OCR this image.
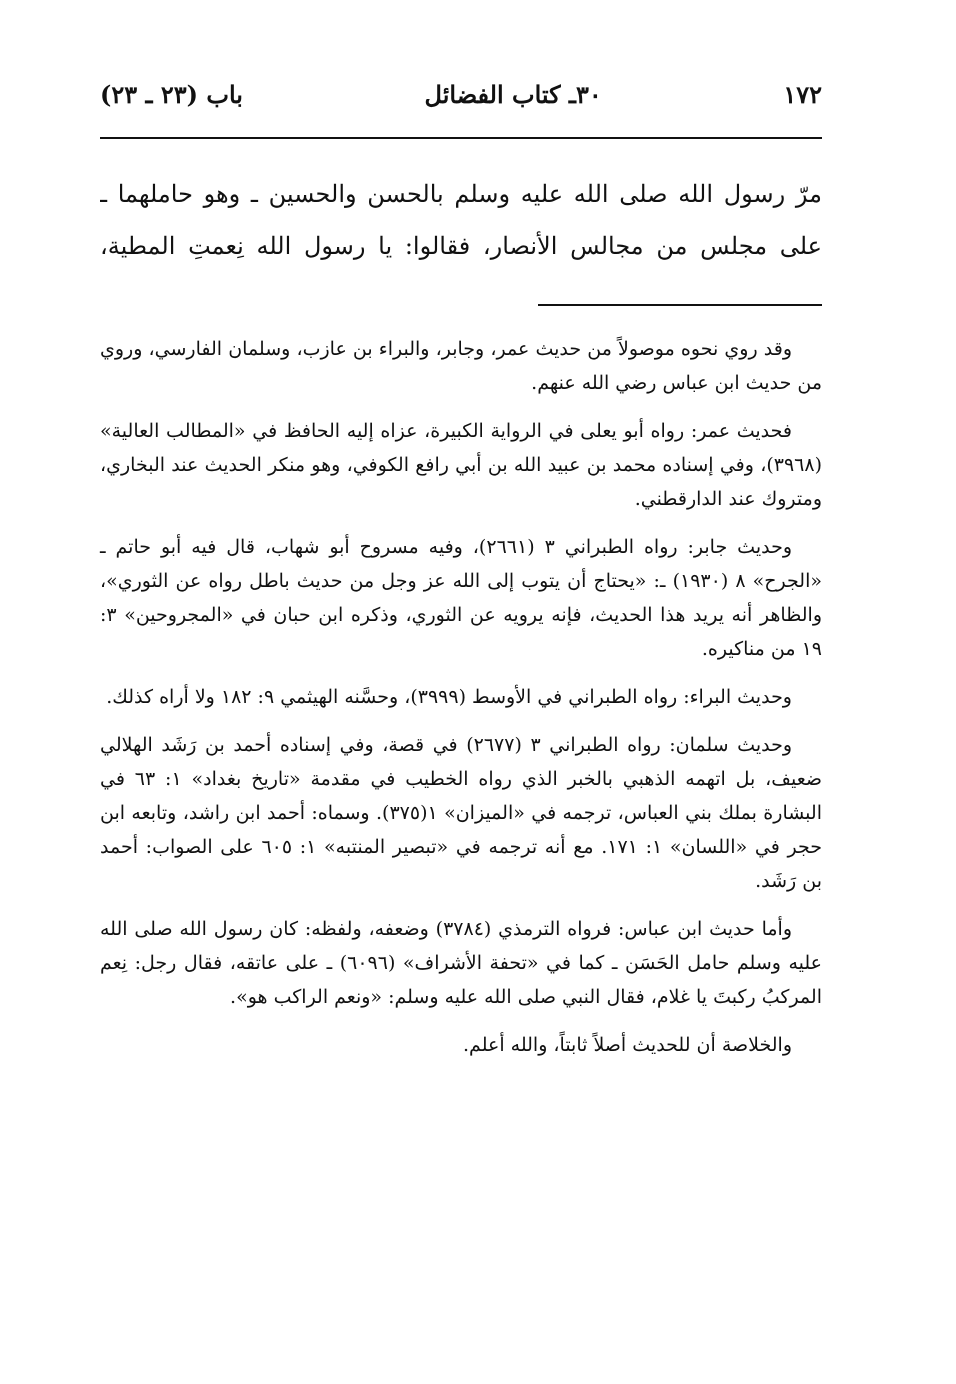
١٧٢
٣٠ـ كتاب الفضائل
باب (٢٣ ـ ٢٣)
مرّ رسول الله صلى الله عليه وسلم بالحسن والحسين ـ وهو حاملهما ـ
على مجلس من مجالس الأنصار، فقالوا: يا رسول الله نِعمتِ المطية،

وقد روي نحوه موصولاً من حديث عمر، وجابر، والبراء بن عازب، وسلمان الفارسي، وروي من حديث ابن عباس رضي الله عنهم.

فحديث عمر: رواه أبو يعلى في الرواية الكبيرة، عزاه إليه الحافظ في «المطالب العالية» (٣٩٦٨)، وفي إسناده محمد بن عبيد الله بن أبي رافع الكوفي، وهو منكر الحديث عند البخاري، ومتروك عند الدارقطني.

وحديث جابر: رواه الطبراني ٣ (٢٦٦١)، وفيه مسروح أبو شهاب، قال فيه أبو حاتم ـ «الجرح» ٨ (١٩٣٠) ـ: «يحتاج أن يتوب إلى الله عز وجل من حديث باطل رواه عن الثوري»، والظاهر أنه يريد هذا الحديث، فإنه يرويه عن الثوري، وذكره ابن حبان في «المجروحين» ٣: ١٩ من مناكيره.

وحديث البراء: رواه الطبراني في الأوسط (٣٩٩٩)، وحسَّنه الهيثمي ٩: ١٨٢ ولا أراه كذلك.

وحديث سلمان: رواه الطبراني ٣ (٢٦٧٧) في قصة، وفي إسناده أحمد بن رَشَد الهلالي ضعيف، بل اتهمه الذهبي بالخبر الذي رواه الخطيب في مقدمة «تاريخ بغداد» ١: ٦٣ في البشارة بملك بني العباس، ترجمه في «الميزان» ١(٣٧٥). وسماه: أحمد ابن راشد، وتابعه ابن حجر في «اللسان» ١: ١٧١. مع أنه ترجمه في «تبصير المنتبه» ١: ٦٠٥ على الصواب: أحمد بن رَشَد.

وأما حديث ابن عباس: فرواه الترمذي (٣٧٨٤) وضعفه، ولفظه: كان رسول الله صلى الله عليه وسلم حامل الحَسَن ـ كما في «تحفة الأشراف» (٦٠٩٦) ـ على عاتقه، فقال رجل: نِعم المركبُ ركبتَ يا غلام، فقال النبي صلى الله عليه وسلم: «ونعم الراكب هو».

والخلاصة أن للحديث أصلاً ثابتاً، والله أعلم.
